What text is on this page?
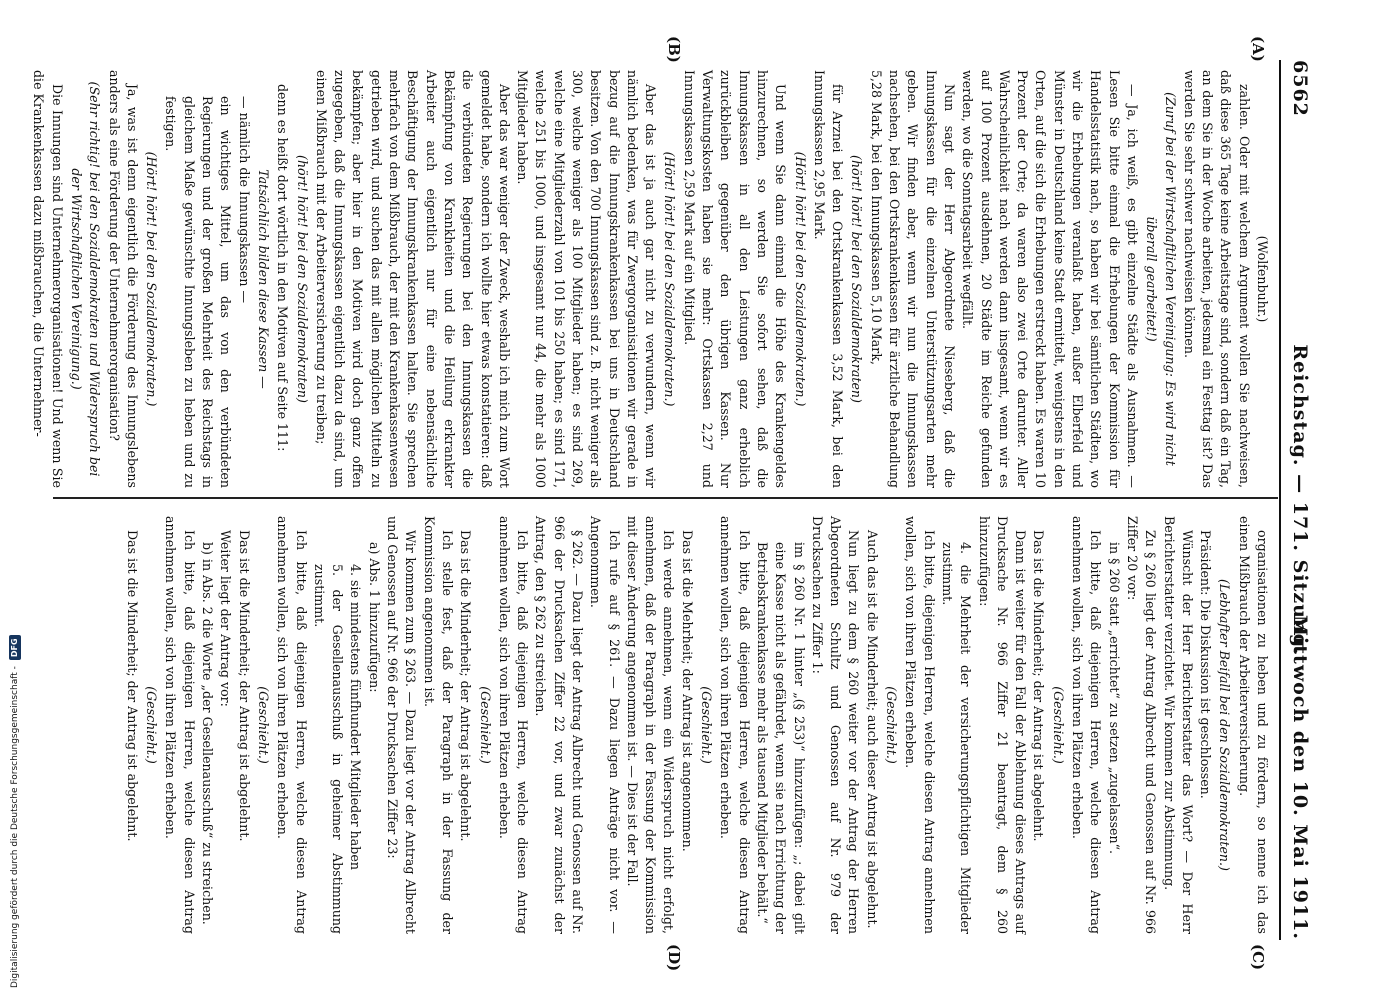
6562
Reichstag. — 171. Sitzung.
Mittwoch den 10. Mai 1911.
(A)
(B)
(C)
(D)

(Wolfenbuhr.)

zahlen. Oder mit welchem Argument wollen Sie nachweisen, daß diese 365 Tage keine Arbeitstage sind, sondern daß ein Tag, an dem Sie in der Woche arbeiten, jedesmal ein Festtag ist? Das werden Sie sehr schwer nachweisen können.

(Zuruf bei der Wirtschaftlichen Vereinigung: Es wird nicht überall gearbeitet!)

— Ja, ich weiß, es gibt einzelne Städte als Ausnahmen. — Lesen Sie bitte einmal die Erhebungen der Kommission für Handelsstatistik nach, so haben wir bei sämtlichen Städten, wo wir die Erhebungen veranlaßt haben, außer Elberfeld und Münster in Deutschland keine Stadt ermittelt, wenigstens in den Orten, auf die sich die Erhebungen erstreckt haben. Es waren 10 Prozent der Orte; da waren also zwei Orte darunter. Aller Wahrscheinlichkeit nach werden dann insgesamt, wenn wir es auf 100 Prozent ausdehnen, 20 Städte im Reiche gefunden werden, wo die Sonntagsarbeit wegfällt.

Nun sagt der Herr Abgeordnete Nieseberg, daß die Innungskassen für die einzelnen Unterstützungsarten mehr geben. Wir finden aber, wenn wir nun die Innungskassen nachsehen, bei den Ortskrankenkassen für ärztliche Behandlung 5,28 Mark, bei den Innungskassen 5,10 Mark,

(hört! hört! bei den Sozialdemokraten)

für Arznei bei den Ortskrankenkassen 3,52 Mark, bei den Innungskassen 2,95 Mark.

(Hört! hört! bei den Sozialdemokraten.)

Und wenn Sie dann einmal die Höhe des Krankengeldes hinzurechnen, so werden Sie sofort sehen, daß die Innungskassen in all den Leistungen ganz erheblich zurückbleiben gegenüber den übrigen Kassen. Nur Verwaltungskosten haben sie mehr: Ortskassen 2,27 und Innungskassen 2,59 Mark auf ein Mitglied.

(Hört! hört! bei den Sozialdemokraten.)

Aber das ist ja auch gar nicht zu verwundern, wenn wir nämlich bedenken, was für Zwergorganisationen wir gerade in bezug auf die Innungskrankenkassen bei uns in Deutschland besitzen. Von den 700 Innungskassen sind z. B. nicht weniger als 300, welche weniger als 100 Mitglieder haben; es sind 269, welche eine Mitgliederzahl von 101 bis 250 haben; es sind 171, welche 251 bis 1000, und insgesamt nur 44, die mehr als 1000 Mitglieder haben.

Aber das war weniger der Zweck, weshalb ich mich zum Wort gemeldet habe, sondern ich wollte hier etwas konstatieren: daß die verbündeten Regierungen bei den Innungskassen die Bekämpfung von Krankheiten und die Heilung erkrankter Arbeiter auch eigentlich nur für eine nebensächliche Beschäftigung der Innungskrankenkassen halten. Sie sprechen mehrfach von dem Mißbrauch, der mit den Krankenkassenwesen getrieben wird, und suchen das mit allen möglichen Mitteln zu bekämpfen; aber hier in den Motiven wird doch ganz offen zugegeben, daß die Innungskassen eigentlich dazu da sind, um einen Mißbrauch mit der Arbeiterversicherung zu treiben;

(hört! hört! bei den Sozialdemokraten)

denn es heißt dort wörtlich in den Motiven auf Seite 111:

Tatsächlich bilden diese Kassen —

— nämlich die Innungskassen —

ein wichtiges Mittel, um das von den verbündeten Regierungen und der großen Mehrheit des Reichstags in gleichem Maße gewünschte Innungsleben zu heben und zu festigen.

(Hört! hört! bei den Sozialdemokraten.)

Ja, was ist denn eigentlich die Förderung des Innungslebens anders als eine Förderung der Unternehmerorganisation?

(Sehr richtig! bei den Sozialdemokraten und Widerspruch bei der Wirtschaftlichen Vereinigung.)

Die Innungen sind Unternehmerorganisationen! Und wenn Sie die Krankenkassen dazu mißbrauchen, die Unternehmer-

organisationen zu heben und zu fördern, so nenne ich das einen Mißbrauch der Arbeiterversicherung.

(Lebhafter Beifall bei den Sozialdemokraten.)

Präsident: Die Diskussion ist geschlossen.

Wünscht der Herr Berichterstatter das Wort? — Der Herr Berichterstatter verzichtet. Wir kommen zur Abstimmung.

Zu § 260 liegt der Antrag Albrecht und Genossen auf Nr. 966 Ziffer 20 vor:

in § 260 statt „errichtet“ zu setzen „zugelassen“.

Ich bitte, daß diejenigen Herren, welche diesen Antrag annehmen wollen, sich von ihren Plätzen erheben.

(Geschieht.)

Das ist die Minderheit; der Antrag ist abgelehnt.

Dann ist weiter für den Fall der Ablehnung dieses Antrags auf Drucksache Nr. 966 Ziffer 21 beantragt, dem § 260 hinzuzufügen:

4. die Mehrheit der versicherungspflichtigen Mitglieder zustimmt.

Ich bitte, diejenigen Herren, welche diesen Antrag annehmen wollen, sich von ihren Plätzen erheben.

(Geschieht.)

Auch das ist die Minderheit; auch dieser Antrag ist abgelehnt.

Nun liegt zu dem § 260 weiter vor der Antrag der Herren Abgeordneten Schultz und Genossen auf Nr. 979 der Drucksachen zu Ziffer 1:

im § 260 Nr. 1 hinter „(§ 253)“ hinzuzufügen: „; dabei gilt eine Kasse nicht als gefährdet, wenn sie nach Errichtung der Betriebskrankenkasse mehr als tausend Mitglieder behält.“

Ich bitte, daß diejenigen Herren, welche diesen Antrag annehmen wollen, sich von ihren Plätzen erheben.

(Geschieht.)

Das ist die Mehrheit; der Antrag ist angenommen.

Ich werde annehmen, wenn ein Widerspruch nicht erfolgt, annehmen, daß der Paragraph in der Fassung der Kommission mit dieser Änderung angenommen ist. — Dies ist der Fall.

Ich rufe auf § 261. — Dazu liegen Anträge nicht vor. — Angenommen.

§ 262. — Dazu liegt der Antrag Albrecht und Genossen auf Nr. 966 der Drucksachen Ziffer 22 vor, und zwar zunächst der Antrag, den § 262 zu streichen.

Ich bitte, daß diejenigen Herren, welche diesen Antrag annehmen wollen, sich von ihren Plätzen erheben.

(Geschieht.)

Das ist die Minderheit; der Antrag ist abgelehnt.

Ich stelle fest, daß der Paragraph in der Fassung der Kommission angenommen ist.

Wir kommen zum § 263. — Dazu liegt vor der Antrag Albrecht und Genossen auf Nr. 966 der Drucksachen Ziffer 23:

a) Abs. 1 hinzuzufügen:

4. sie mindestens fünfhundert Mitglieder haben

5. der Gesellenausschuß in geheimer Abstimmung zustimmt.

Ich bitte, daß diejenigen Herren, welche diesen Antrag annehmen wollen, sich von ihren Plätzen erheben.

(Geschieht.)

Das ist die Minderheit; der Antrag ist abgelehnt.

Weiter liegt der Antrag vor:

b) in Abs. 2 die Worte „der Gesellenausschuß“ zu streichen.

Ich bitte, daß diejenigen Herren, welche diesen Antrag annehmen wollen, sich von ihren Plätzen erheben.

(Geschieht.)

Das ist die Minderheit; der Antrag ist abgelehnt.

Digitalisierung gefördert durch die Deutsche Forschungsgemeinschaft -DFG
